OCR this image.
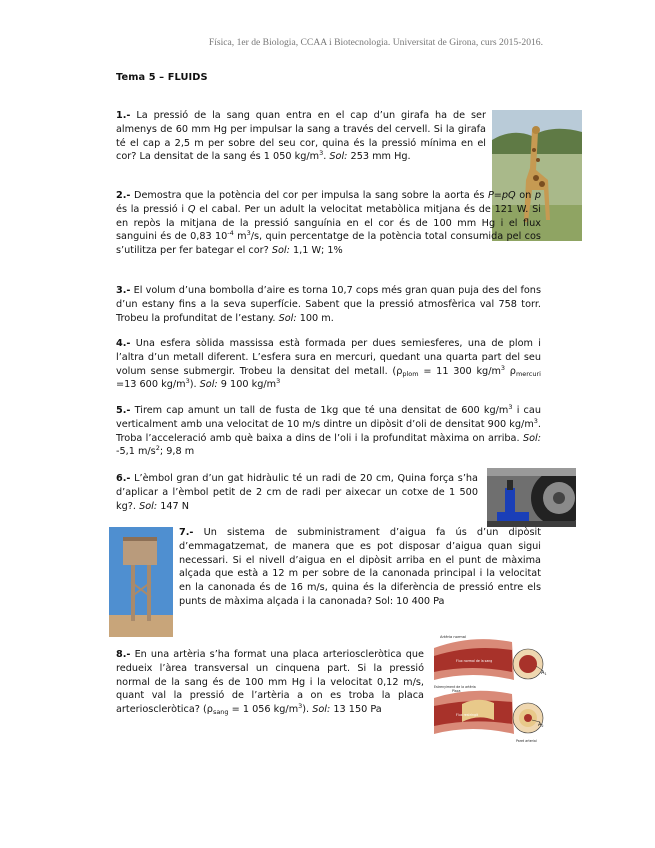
Física, 1er de Biologia, CCAA i Biotecnologia. Universitat de Girona, curs 2015-2016.
Tema 5 – FLUIDS

1.- La pressió de la sang quan entra en el cap d’un girafa ha de ser almenys de 60 mm Hg per impulsar la sang a través del cervell. Si la girafa té el cap a 2,5 m per sobre del seu cor, quina és la pressió mínima en el cor? La densitat de la sang és 1 050 $kg/m^3$. Sol: 253 mm Hg.

2.- Demostra que la potència del cor per impulsa la sang sobre la aorta és P=pQ on p és la pressió i Q el cabal. Per un adult la velocitat metabòlica mitjana és de 121 W. Si en repòs la mitjana de la pressió sanguínia en el cor és de 100 mm Hg i el flux sanguini és de 0,83 $10^{-4}$ $m^3/s$, quin percentatge de la potència total consumida pel cos s’utilitza per fer bategar el cor? Sol: 1,1 W; 1%

3.- El volum d’una bombolla d’aire es torna 10,7 cops més gran quan puja des del fons d’un estany fins a la seva superfície. Sabent que la pressió atmosfèrica val 758 torr. Trobeu la profunditat de l’estany. Sol: 100 m.

4.- Una esfera sòlida massissa està formada per dues semiesferes, una de plom i l’altra d’un metall diferent. L’esfera sura en mercuri, quedant una quarta part del seu volum sense submergir. Trobeu la densitat del metall. ($\rho_{plom} = 11$ 300 $kg/m^3$ $\rho_{mercuri} =13$ 600 $kg/m^3$). Sol: 9 100 $kg/m^3$

5.- Tirem cap amunt un tall de fusta de 1kg que té una densitat de 600 $kg/m^3$ i cau verticalment amb una velocitat de 10 m/s dintre un dipòsit d’oli de densitat 900 $kg/m^3$. Troba l’acceleració amb què baixa a dins de l’oli i la profunditat màxima on arriba. Sol: -5,1 $m/s^2$; 9,8 m

6.- L’èmbol gran d’un gat hidràulic té un radi de 20 cm, Quina força s’ha d’aplicar a l’èmbol petit de 2 cm de radi per aixecar un cotxe de 1 500 kg?. Sol: 147 N

7.- Un sistema de subministrament d’aigua fa ús d’un dipòsit d’emmagatzemat, de manera que es pot disposar d’aigua quan sigui necessari. Si el nivell d’aigua en el dipòsit arriba en el punt de màxima alçada que està a 12 m per sobre de la canonada principal i la velocitat en la canonada és de 16 m/s, quina és la diferència de pressió entre els punts de màxima alçada i la canonada? Sol: 10 400 Pa

8.- En una artèria s’ha format una placa arterioscleròtica que redueix l’àrea transversal un cinquena part. Si la pressió normal de la sang és de 100 mm Hg i la velocitat 0,12 m/s, quant val la pressió de l’artèria a on es troba la placa arterioscleròtica? ($\rho_{sang} = 1$ 056 $kg/m^3$). Sol: 13 150 Pa

Artèria normal
Flux normal de la sang
Placa
Estrenyiment de la artèria
Flux restringit
Paret arterial
$A_1$
$A_2$
